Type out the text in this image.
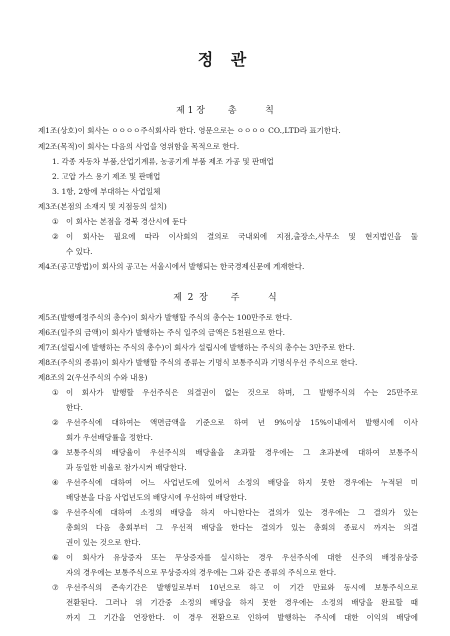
정 관
제 1 장        총          칙
제1조(상호)이 회사는 ㅇㅇㅇㅇ주식회사라 한다. 영문으로는 ㅇㅇㅇㅇ CO.,LTD라 표기한다.
제2조(목적)이 회사는 다음의 사업을 영위함을 목적으로 한다.
1. 각종 자동차 부품,산업기계류, 농공기계 부품 제조 가공 및 판매업
2. 고압 가스 용기 제조 및 판매업
3. 1항, 2항에 부대하는 사업일체
제3조(본점의 소재지 및 지점등의 설치)
① 이 회사는 본점을 경북 경산시에 둔다
② 이 회사는 필요에 따라 이사회의 결의로 국내외에 지점,출장소,사무소 및 현지법인을 둘
수 있다.
제4조(공고방법)이 회사의 공고는 서울시에서 발행되는 한국경제신문에 게재한다.
제  2  장        주          식
제5조(발행예정주식의 총수)이 회사가 발행할 주식의 총수는 100만주로 한다.
제6조(일주의 금액)이 회사가 발행하는 주식 일주의 금액은 5천원으로 한다.
제7조(설립시에 발행하는 주식의 총수)이 회사가 설립시에 발행하는 주식의 총수는 3만주로 한다.
제8조(주식의 종류)이 회사가 발행할 주식의 종류는 기명식 보통주식과 기명식우선 주식으로 한다.
제8조의 2(우선주식의 수와 내용)
① 이 회사가 발행할 우선주식은 의결권이 없는 것으로 하며, 그 발행주식의 수는 25만주로
한다.
② 우선주식에 대하여는 액면금액을 기준으로 하여 년 9%이상 15%이내에서 발행시에 이사
회가 우선배당률을 정한다.
③ 보통주식의 배당율이 우선주식의 배당율을 초과할 경우에는 그 초과분에 대하여 보통주식
과 동일한 비율로 참가시켜 배당한다.
④ 우선주식에 대하여 어느 사업년도에 있어서 소정의 배당을 하지 못한 경우에는 누적된 미
배당분을 다음 사업년도의 배당시에 우선하여 배당한다.
⑤ 우선주식에 대하여 소정의 배당을 하지 아니한다는 결의가 있는 경우에는 그 결의가 있는
총회의 다음 총회부터 그 우선적 배당을 한다는 결의가 있는 총회의 종료시 까지는 의결
권이 있는 것으로 한다.
⑥ 이 회사가 유상증자 또는 무상증자를 실시하는 경우 우선주식에 대한 신주의 배정유상증
자의 경우에는 보통주식으로 무상증자의 경우에는 그와 같은 종류의 주식으로 한다.
⑦ 우선주식의 존속기간은 발행일로부터 10년으로 하고 이 기간 만료와 동시에 보통주식으로
전환된다. 그러나 위 기간중 소정의 배당을 하지 못한 경우에는 소정의 배당을 완료할 때
까지 그 기간을 연장한다. 이 경우 전환으로 인하여 발행하는 주식에 대한 이익의 배당에
